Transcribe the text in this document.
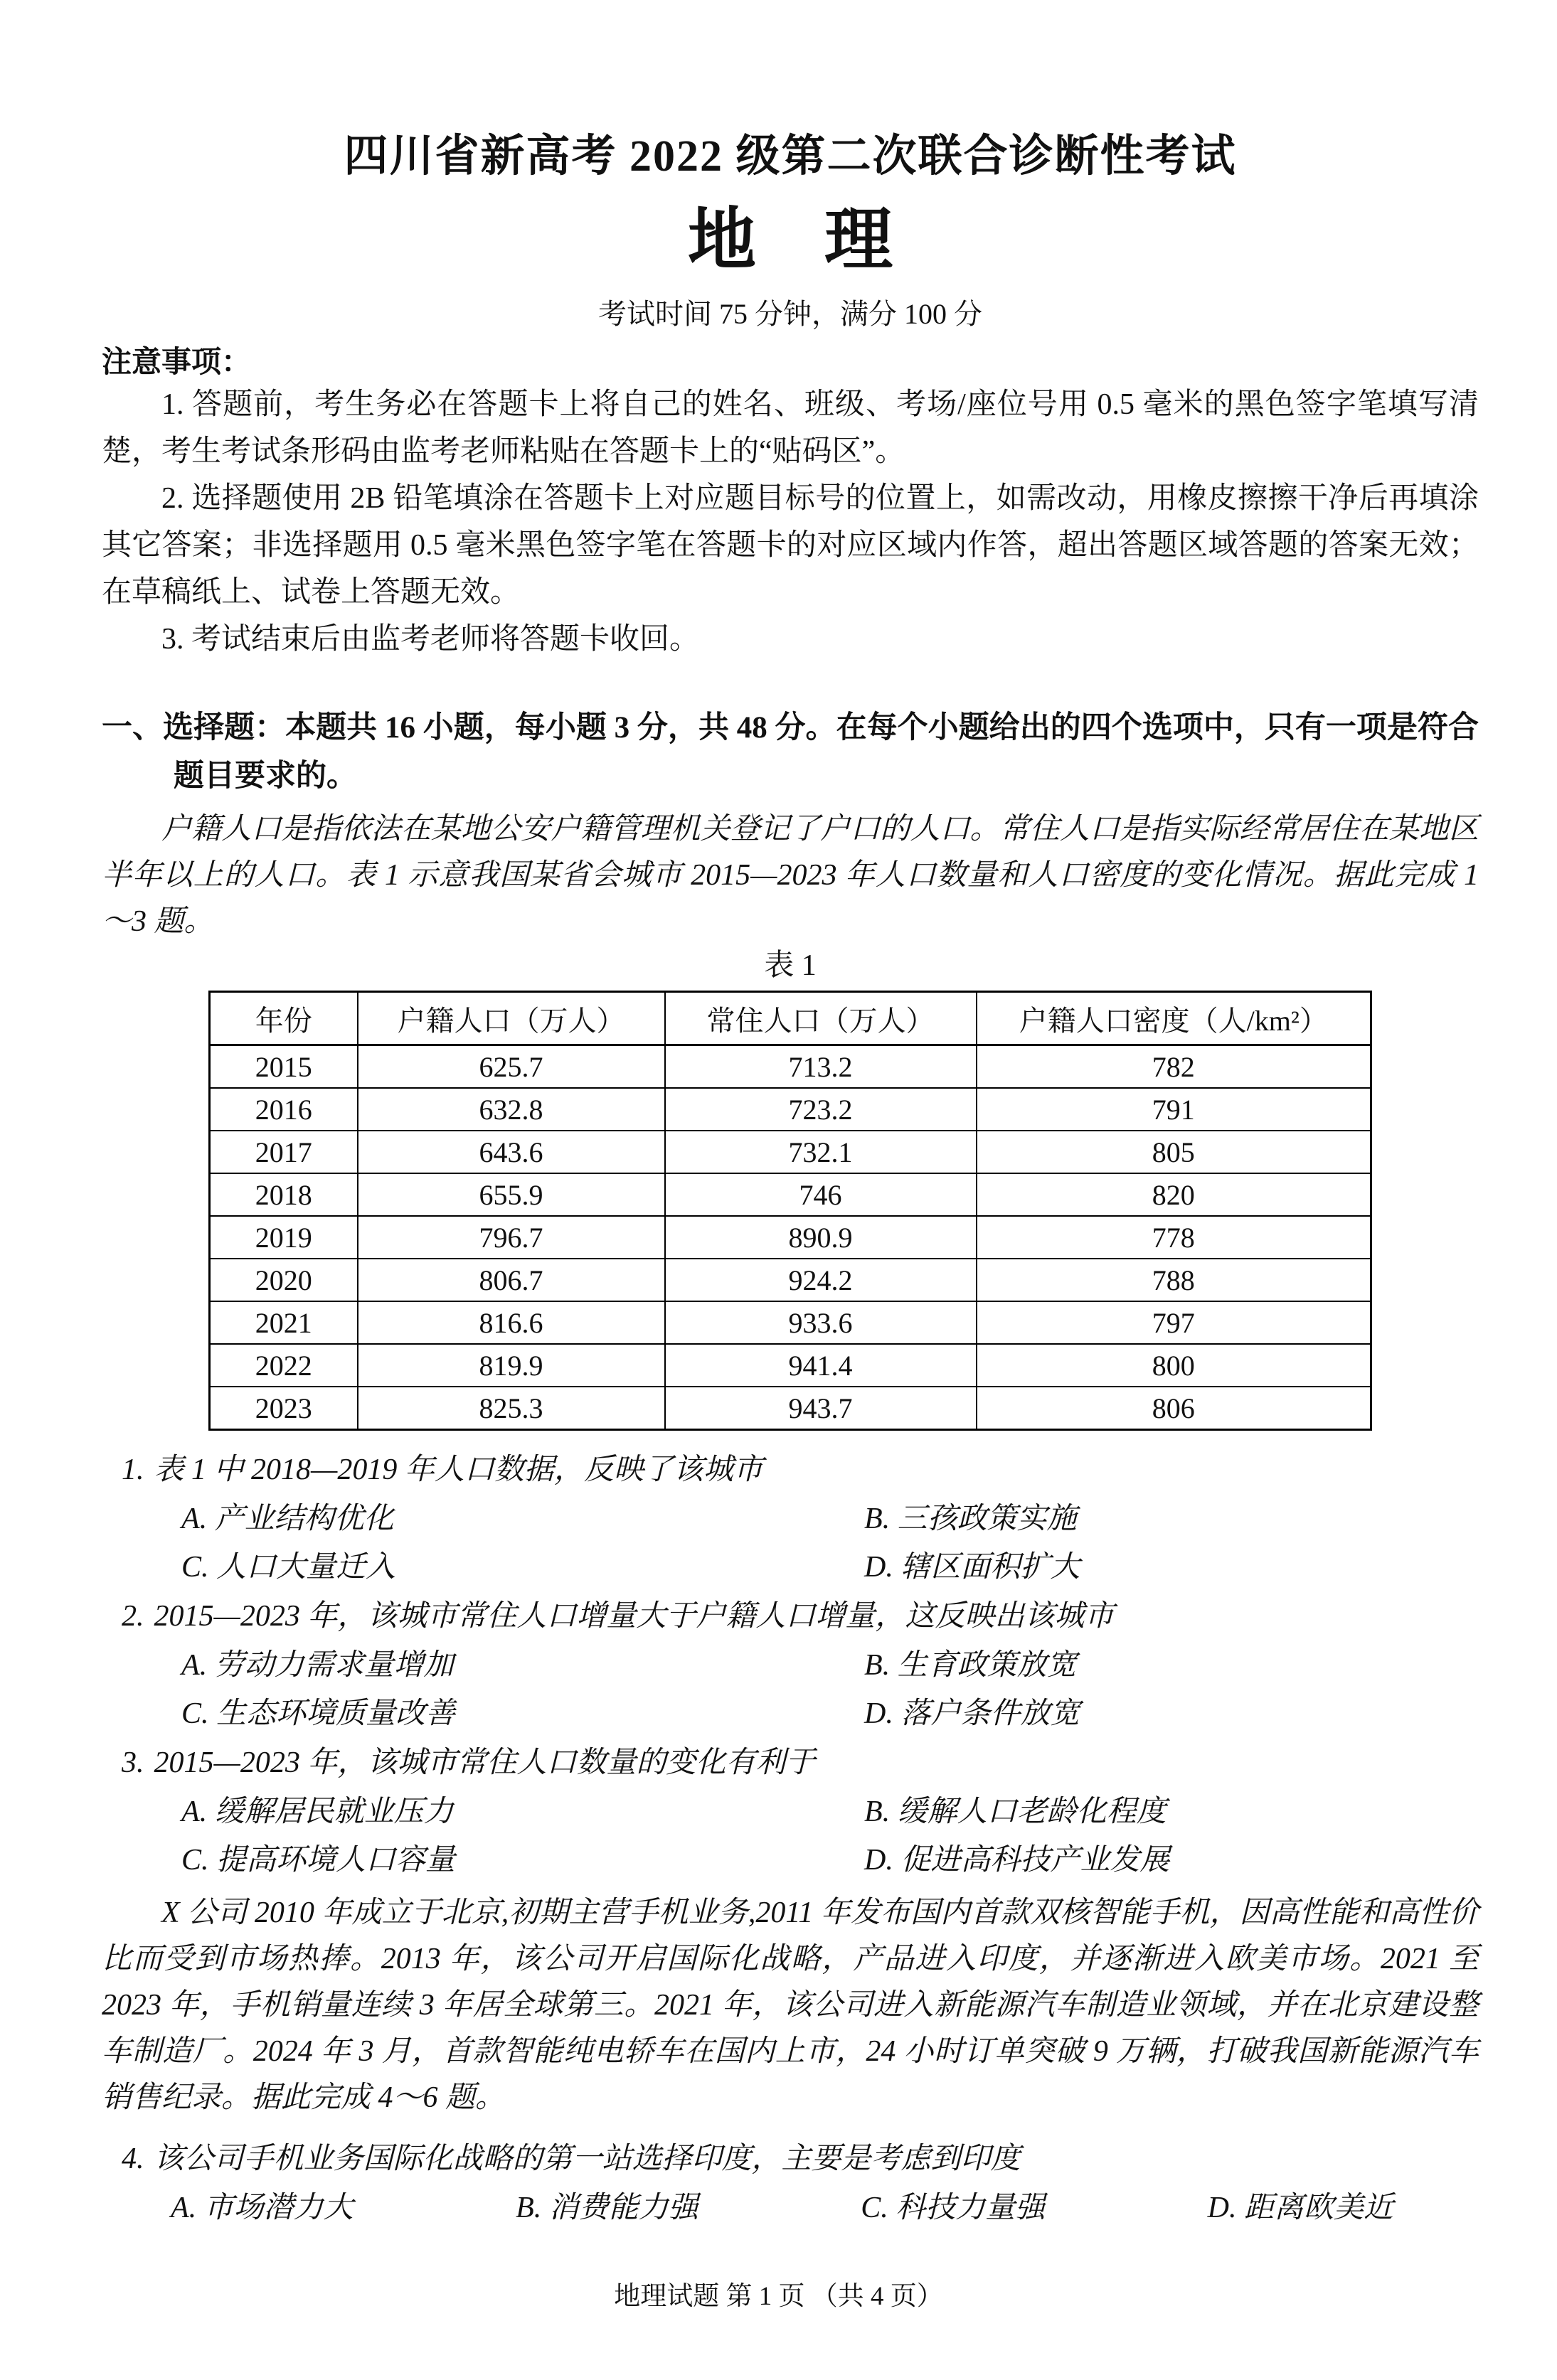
四川省新高考 2022 级第二次联合诊断性考试
地　理
考试时间 75 分钟，满分 100 分
注意事项：

1. 答题前，考生务必在答题卡上将自己的姓名、班级、考场/座位号用 0.5 毫米的黑色签字笔填写清楚，考生考试条形码由监考老师粘贴在答题卡上的“贴码区”。

2. 选择题使用 2B 铅笔填涂在答题卡上对应题目标号的位置上，如需改动，用橡皮擦擦干净后再填涂其它答案；非选择题用 0.5 毫米黑色签字笔在答题卡的对应区域内作答，超出答题区域答题的答案无效；在草稿纸上、试卷上答题无效。

3. 考试结束后由监考老师将答题卡收回。

一、选择题：本题共 16 小题，每小题 3 分，共 48 分。在每个小题给出的四个选项中，只有一项是符合题目要求的。

户籍人口是指依法在某地公安户籍管理机关登记了户口的人口。常住人口是指实际经常居住在某地区半年以上的人口。表 1 示意我国某省会城市 2015—2023 年人口数量和人口密度的变化情况。据此完成 1～3 题。

表 1
年份	户籍人口（万人）	常住人口（万人）	户籍人口密度（人/km²）
2015	625.7	713.2	782
2016	632.8	723.2	791
2017	643.6	732.1	805
2018	655.9	746	820
2019	796.7	890.9	778
2020	806.7	924.2	788
2021	816.6	933.6	797
2022	819.9	941.4	800
2023	825.3	943.7	806
1. 表 1 中 2018—2019 年人口数据，反映了该城市
A. 产业结构优化	B. 三孩政策实施
C. 人口大量迁入	D. 辖区面积扩大
2. 2015—2023 年，该城市常住人口增量大于户籍人口增量，这反映出该城市
A. 劳动力需求量增加	B. 生育政策放宽
C. 生态环境质量改善	D. 落户条件放宽
3. 2015—2023 年，该城市常住人口数量的变化有利于
A. 缓解居民就业压力	B. 缓解人口老龄化程度
C. 提高环境人口容量	D. 促进高科技产业发展

X 公司 2010 年成立于北京,初期主营手机业务,2011 年发布国内首款双核智能手机，因高性能和高性价比而受到市场热捧。2013 年，该公司开启国际化战略，产品进入印度，并逐渐进入欧美市场。2021 至 2023 年，手机销量连续 3 年居全球第三。2021 年，该公司进入新能源汽车制造业领域，并在北京建设整车制造厂。2024 年 3 月，首款智能纯电轿车在国内上市，24 小时订单突破 9 万辆，打破我国新能源汽车销售纪录。据此完成 4～6 题。

4. 该公司手机业务国际化战略的第一站选择印度，主要是考虑到印度
A. 市场潜力大	B. 消费能力强	C. 科技力量强	D. 距离欧美近
地理试题 第 1 页 （共 4 页）
